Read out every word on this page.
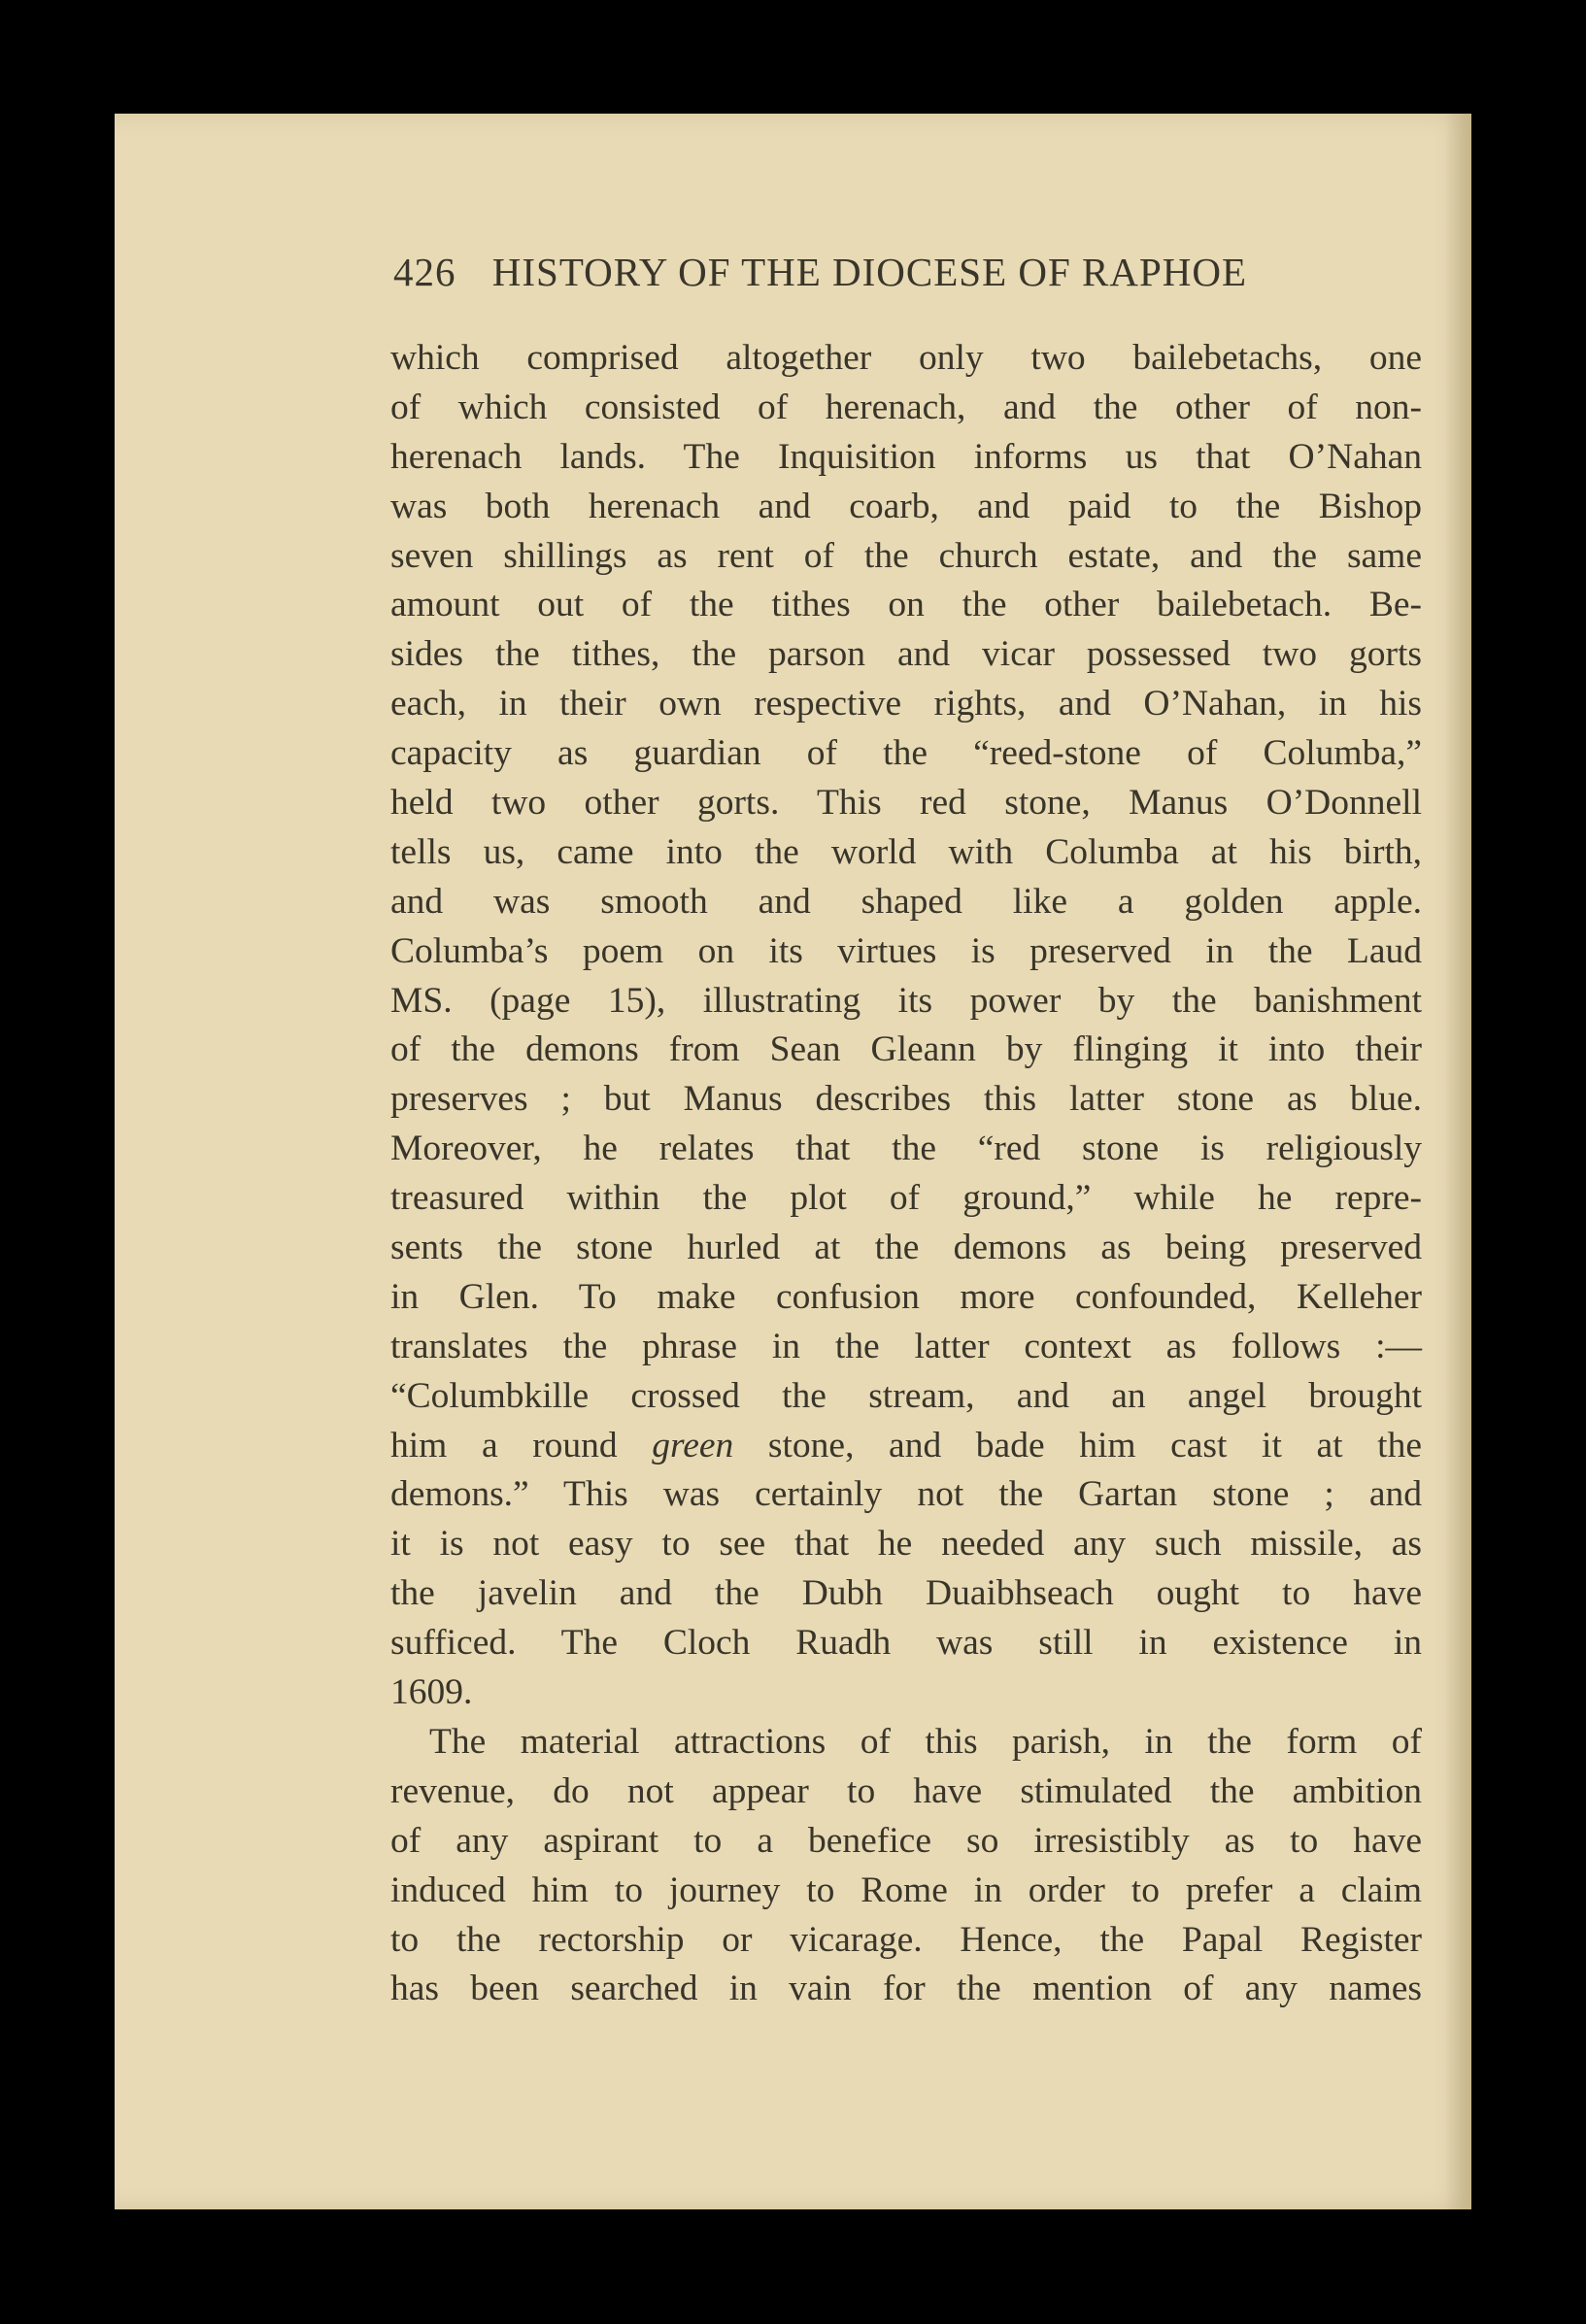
426 HISTORY OF THE DIOCESE OF RAPHOE
which comprised altogether only two bailebetachs, one
of which consisted of herenach, and the other of non-
herenach lands. The Inquisition informs us that O’Nahan
was both herenach and coarb, and paid to the Bishop
seven shillings as rent of the church estate, and the same
amount out of the tithes on the other bailebetach. Be-
sides the tithes, the parson and vicar possessed two gorts
each, in their own respective rights, and O’Nahan, in his
capacity as guardian of the “reed-stone of Columba,”
held two other gorts. This red stone, Manus O’Donnell
tells us, came into the world with Columba at his birth,
and was smooth and shaped like a golden apple.
Columba’s poem on its virtues is preserved in the Laud
MS. (page 15), illustrating its power by the banishment
of the demons from Sean Gleann by flinging it into their
preserves ; but Manus describes this latter stone as blue.
Moreover, he relates that the “red stone is religiously
treasured within the plot of ground,” while he repre-
sents the stone hurled at the demons as being preserved
in Glen. To make confusion more confounded, Kelleher
translates the phrase in the latter context as follows :—
“Columbkille crossed the stream, and an angel brought
him a round green stone, and bade him cast it at the
demons.” This was certainly not the Gartan stone ; and
it is not easy to see that he needed any such missile, as
the javelin and the Dubh Duaibhseach ought to have
sufficed. The Cloch Ruadh was still in existence in
1609.
The material attractions of this parish, in the form of
revenue, do not appear to have stimulated the ambition
of any aspirant to a benefice so irresistibly as to have
induced him to journey to Rome in order to prefer a claim
to the rectorship or vicarage. Hence, the Papal Register
has been searched in vain for the mention of any names
